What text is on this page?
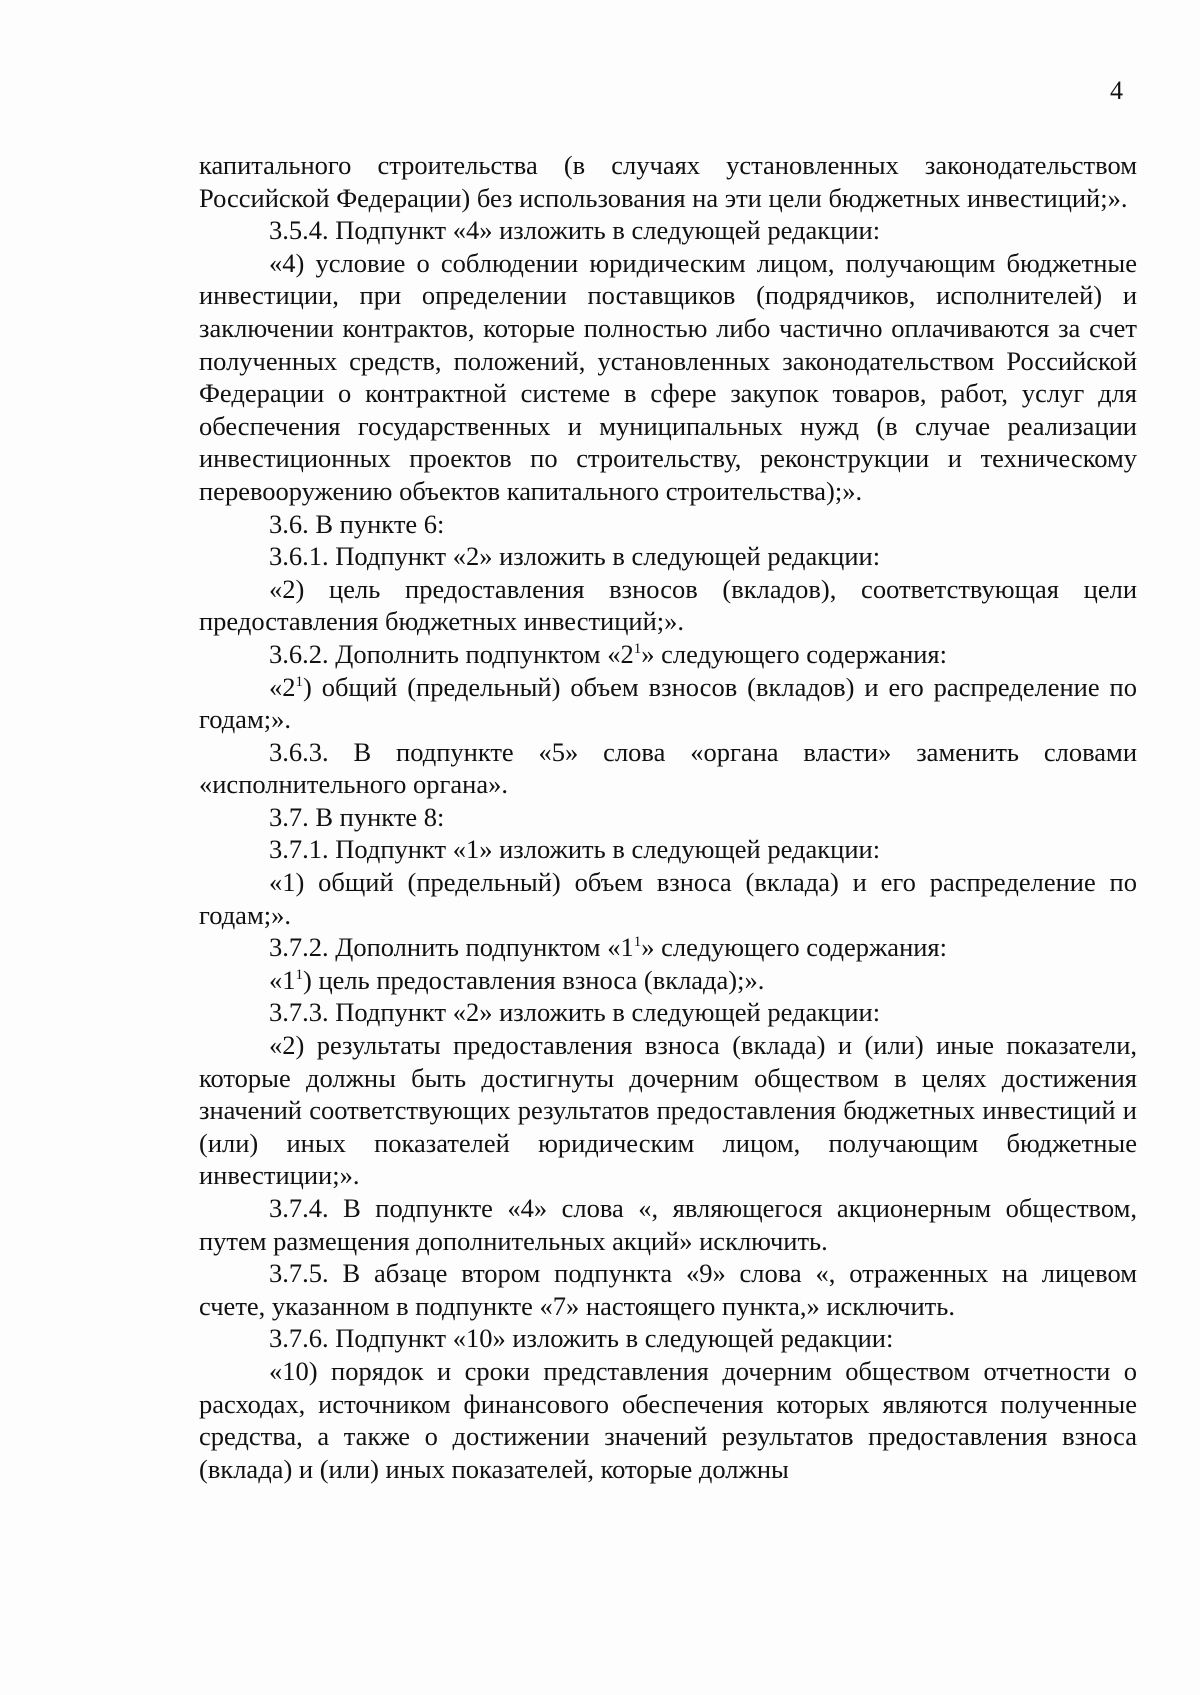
4

капитального строительства (в случаях установленных законодательством Российской Федерации) без использования на эти цели бюджетных инвестиций;».

3.5.4. Подпункт «4» изложить в следующей редакции:

«4) условие о соблюдении юридическим лицом, получающим бюджетные инвестиции, при определении поставщиков (подрядчиков, исполнителей) и заключении контрактов, которые полностью либо частично оплачиваются за счет полученных средств, положений, установленных законодательством Российской Федерации о контрактной системе в сфере закупок товаров, работ, услуг для обеспечения государственных и муниципальных нужд (в случае реализации инвестиционных проектов по строительству, реконструкции и техническому перевооружению объектов капитального строительства);».

3.6. В пункте 6:

3.6.1. Подпункт «2» изложить в следующей редакции:

«2) цель предоставления взносов (вкладов), соответствующая цели предоставления бюджетных инвестиций;».

3.6.2. Дополнить подпунктом «$2^1$» следующего содержания:

«$2^1$) общий (предельный) объем взносов (вкладов) и его распределение по годам;».

3.6.3. В подпункте «5» слова «органа власти» заменить словами «исполнительного органа».

3.7. В пункте 8:

3.7.1. Подпункт «1» изложить в следующей редакции:

«1) общий (предельный) объем взноса (вклада) и его распределение по годам;».

3.7.2. Дополнить подпунктом «$1^1$» следующего содержания:

«$1^1$) цель предоставления взноса (вклада);».

3.7.3. Подпункт «2» изложить в следующей редакции:

«2) результаты предоставления взноса (вклада) и (или) иные показатели, которые должны быть достигнуты дочерним обществом в целях достижения значений соответствующих результатов предоставления бюджетных инвестиций и (или) иных показателей юридическим лицом, получающим бюджетные инвестиции;».

3.7.4. В подпункте «4» слова «, являющегося акционерным обществом, путем размещения дополнительных акций» исключить.

3.7.5. В абзаце втором подпункта «9» слова «, отраженных на лицевом счете, указанном в подпункте «7» настоящего пункта,» исключить.

3.7.6. Подпункт «10» изложить в следующей редакции:

«10) порядок и сроки представления дочерним обществом отчетности о расходах, источником финансового обеспечения которых являются полученные средства, а также о достижении значений результатов предоставления взноса (вклада) и (или) иных показателей, которые должны
